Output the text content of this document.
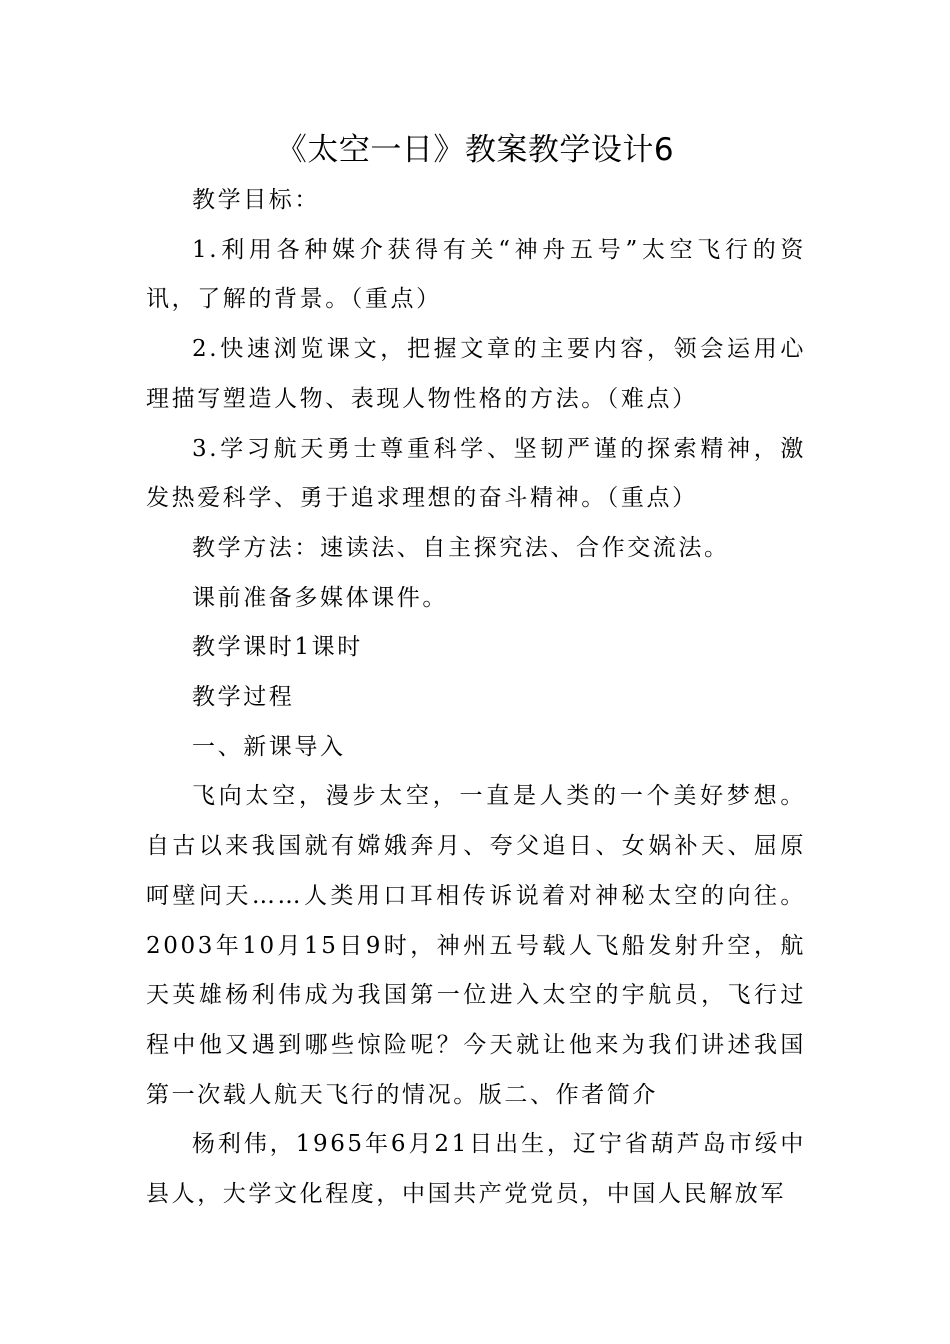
《太空一日》教案教学设计6

教学目标：

1.利用各种媒介获得有关“神舟五号”太空飞行的资讯，了解的背景。（重点）

2.快速浏览课文，把握文章的主要内容，领会运用心理描写塑造人物、表现人物性格的方法。（难点）

3.学习航天勇士尊重科学、坚韧严谨的探索精神，激发热爱科学、勇于追求理想的奋斗精神。（重点）

教学方法：速读法、自主探究法、合作交流法。

课前准备多媒体课件。

教学课时1课时

教学过程

一、新课导入

飞向太空，漫步太空，一直是人类的一个美好梦想。自古以来我国就有嫦娥奔月、夸父追日、女娲补天、屈原呵壁问天……人类用口耳相传诉说着对神秘太空的向往。2003年10月15日9时，神州五号载人飞船发射升空，航天英雄杨利伟成为我国第一位进入太空的宇航员，飞行过程中他又遇到哪些惊险呢？今天就让他来为我们讲述我国第一次载人航天飞行的情况。版二、作者简介

杨利伟，1965年6月21日出生，辽宁省葫芦岛市绥中县人，大学文化程度，中国共产党党员，中国人民解放军
